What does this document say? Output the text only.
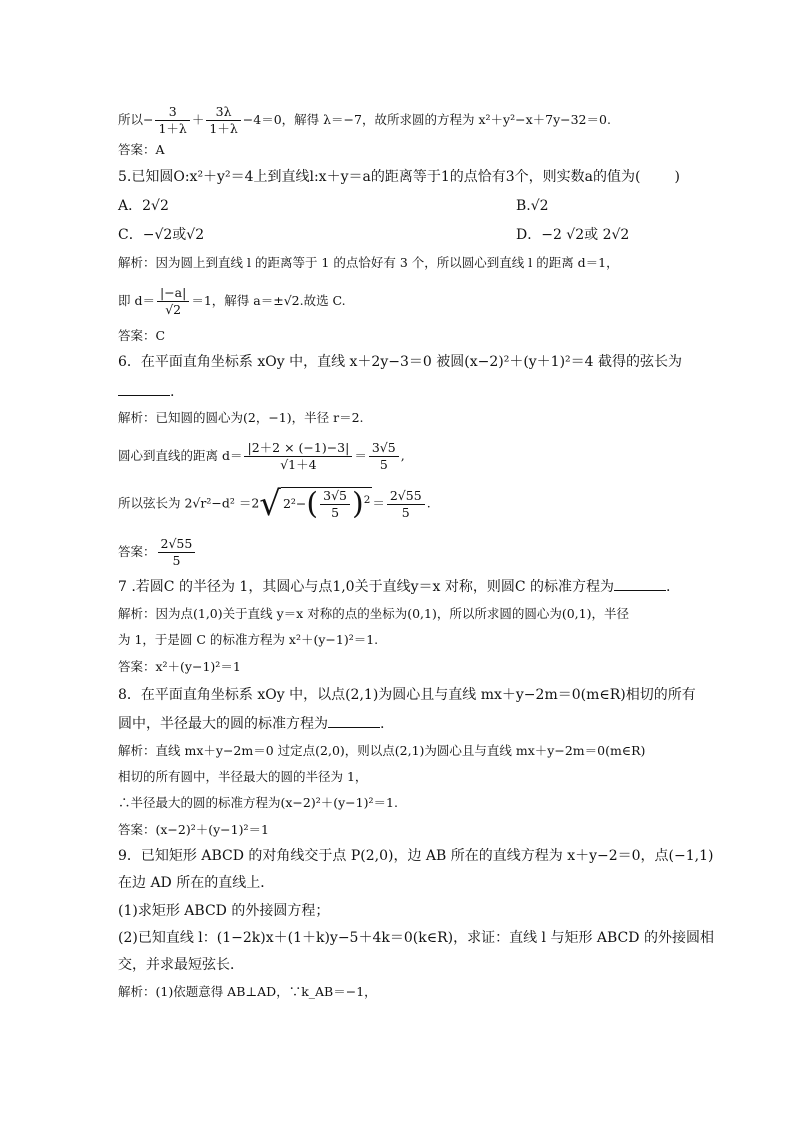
所以− $\frac{3}{1+\lambda} + \frac{3\lambda}{1+\lambda} -4=0$，解得 λ＝−7，故所求圆的方程为 x²＋y²−x＋7y−32＝0.
答案：A
5.已知圆O:x²＋y²＝4上到直线l:x＋y＝a的距离等于1的点恰有3个，则实数a的值为( )
A．2√2	B.√2
C．−√2或√2	D．−2 √2或 2√2
解析：因为圆上到直线 l 的距离等于 1 的点恰好有 3 个，所以圆心到直线 l 的距离 d＝1，
即 $d= \frac{|-a|}{√2} =1$，解得 a＝±√2.故选 C.
答案：C
6．在平面直角坐标系 xOy 中，直线 x＋2y−3＝0 被圆(x−2)²＋(y＋1)²＝4 截得的弦长为
.
解析：已知圆的圆心为(2，−1)，半径 r＝2.
圆心到直线的距离 $d= \frac{|2+2 \times (-1)-3|}{√1+4} = \frac{3√5}{5}$ ,
所以弦长为 2√r²−d² ＝2√ $2^2-( \frac{3√5}{5} )^2 = \frac{2√55}{5}$ .
答案： $\frac{2√55}{5}$
7 .若圆C 的半径为 1，其圆心与点1,0关于直线y＝x 对称，则圆C 的标准方程为	.
解析：因为点(1,0)关于直线 y＝x 对称的点的坐标为(0,1)，所以所求圆的圆心为(0,1)，半径
为 1，于是圆 C 的标准方程为 x²＋(y−1)²＝1.
答案：x²＋(y−1)²＝1
8．在平面直角坐标系 xOy 中，以点(2,1)为圆心且与直线 mx＋y−2m＝0(m∈R)相切的所有
圆中，半径最大的圆的标准方程为	.
解析：直线 mx＋y−2m＝0 过定点(2,0)，则以点(2,1)为圆心且与直线 mx＋y−2m＝0(m∈R)
相切的所有圆中，半径最大的圆的半径为 1，
∴半径最大的圆的标准方程为(x−2)²＋(y−1)²＝1.
答案：(x−2)²＋(y−1)²＝1
9．已知矩形 ABCD 的对角线交于点 P(2,0)，边 AB 所在的直线方程为 x＋y−2＝0，点(−1,1)
在边 AD 所在的直线上．
(1)求矩形 ABCD 的外接圆方程；
(2)已知直线 l：(1−2k)x＋(1＋k)y−5＋4k＝0(k∈R)，求证：直线 l 与矩形 ABCD 的外接圆相
交，并求最短弦长．
解析：(1)依题意得 AB⊥AD，∵k_AB＝−1，
